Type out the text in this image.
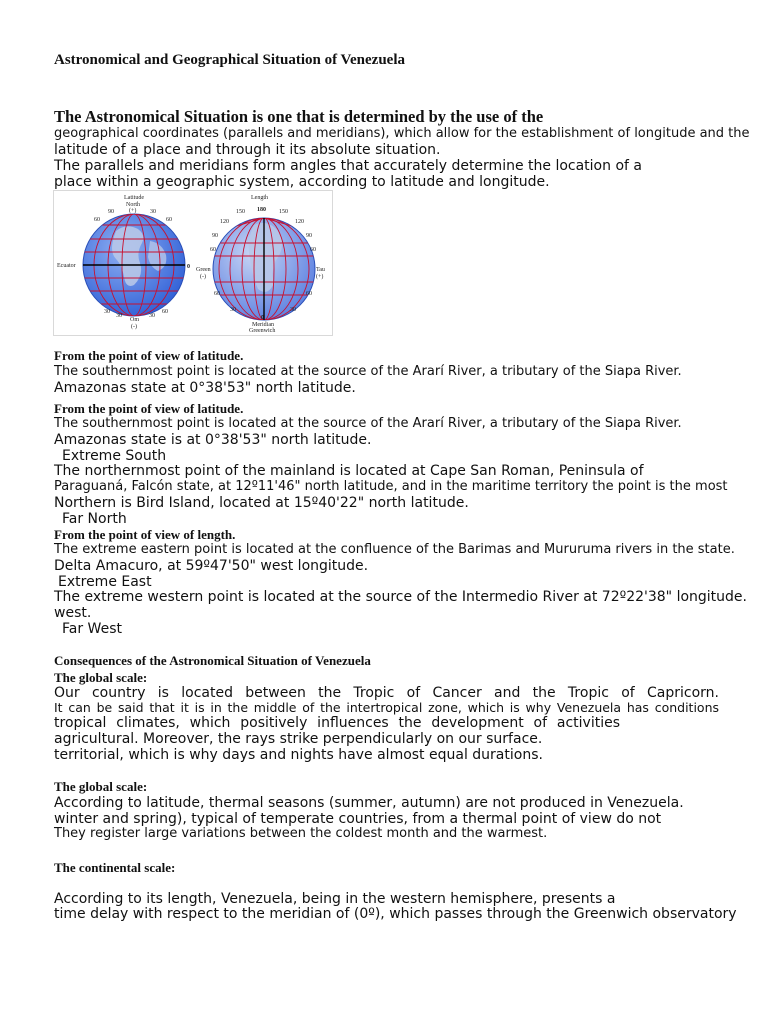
Astronomical and Geographical Situation of Venezuela
The Astronomical Situation is one that is determined by the use of the
geographical coordinates (parallels and meridians), which allow for the establishment of longitude and the
latitude of a place and through it its absolute situation.
The parallels and meridians form angles that accurately determine the location of a
place within a geographic system, according to latitude and longitude.
Latitude
North
(+)
Ecuator	0
Om
(-)
90
60
30
60
30
30	30
60
Length
180
Green
(-)
Tau
(+)
0
Meridian
Greenwich
150
120
90
60
150
120
90
60
60
30	30
60
From the point of view of latitude.
The southernmost point is located at the source of the Ararí River, a tributary of the Siapa River.
Amazonas state at 0°38'53" north latitude.
From the point of view of latitude.
The southernmost point is located at the source of the Ararí River, a tributary of the Siapa River.
Amazonas state is at 0°38'53" north latitude.
Extreme South
The northernmost point of the mainland is located at Cape San Roman, Peninsula of
Paraguaná, Falcón state, at 12º11'46" north latitude, and in the maritime territory the point is the most
Northern is Bird Island, located at 15º40'22" north latitude.
Far North
From the point of view of length.
The extreme eastern point is located at the confluence of the Barimas and Mururuma rivers in the state.
Delta Amacuro, at 59º47'50" west longitude.
Extreme East
The extreme western point is located at the source of the Intermedio River at 72º22'38" longitude.
west.
Far West
Consequences of the Astronomical Situation of Venezuela
The global scale:
Our country is located between the Tropic of Cancer and the Tropic of Capricorn.
It can be said that it is in the middle of the intertropical zone, which is why Venezuela has conditions
tropical climates, which positively influences the development of activities
agricultural. Moreover, the rays strike perpendicularly on our surface.
territorial, which is why days and nights have almost equal durations.
The global scale:
According to latitude, thermal seasons (summer, autumn) are not produced in Venezuela.
winter and spring), typical of temperate countries, from a thermal point of view do not
They register large variations between the coldest month and the warmest.
The continental scale:
According to its length, Venezuela, being in the western hemisphere, presents a
time delay with respect to the meridian of (0º), which passes through the Greenwich observatory
